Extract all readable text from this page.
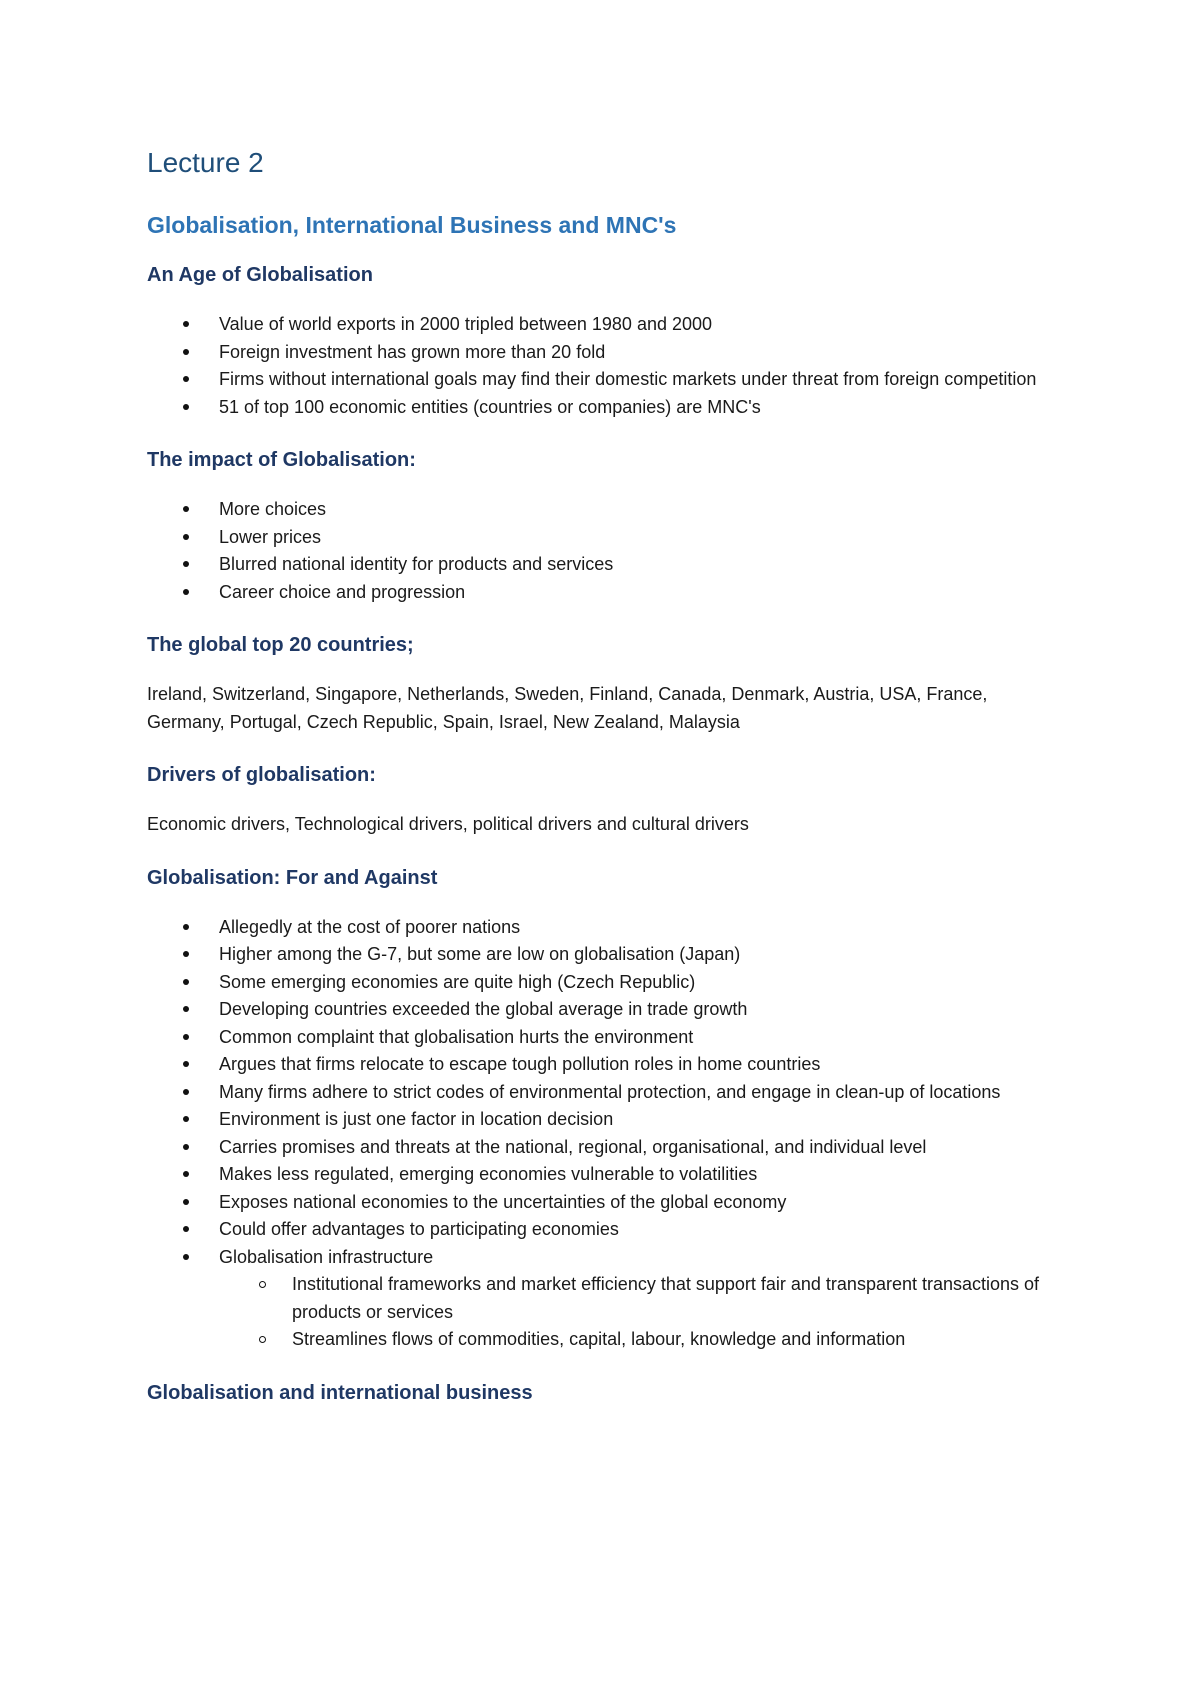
Lecture 2
Globalisation, International Business and MNC's
An Age of Globalisation
Value of world exports in 2000 tripled between 1980 and 2000
Foreign investment has grown more than 20 fold
Firms without international goals may find their domestic markets under threat from foreign competition
51 of top 100 economic entities (countries or companies) are MNC's
The impact of Globalisation:
More choices
Lower prices
Blurred national identity for products and services
Career choice and progression
The global top 20 countries;

Ireland, Switzerland, Singapore, Netherlands, Sweden, Finland, Canada, Denmark, Austria, USA, France, Germany, Portugal, Czech Republic, Spain, Israel, New Zealand, Malaysia

Drivers of globalisation:

Economic drivers, Technological drivers, political drivers and cultural drivers

Globalisation: For and Against
Allegedly at the cost of poorer nations
Higher among the G-7, but some are low on globalisation (Japan)
Some emerging economies are quite high (Czech Republic)
Developing countries exceeded the global average in trade growth
Common complaint that globalisation hurts the environment
Argues that firms relocate to escape tough pollution roles in home countries
Many firms adhere to strict codes of environmental protection, and engage in clean-up of locations
Environment is just one factor in location decision
Carries promises and threats at the national, regional, organisational, and individual level
Makes less regulated, emerging economies vulnerable to volatilities
Exposes national economies to the uncertainties of the global economy
Could offer advantages to participating economies
Globalisation infrastructure
Institutional frameworks and market efficiency that support fair and transparent transactions of products or services
Streamlines flows of commodities, capital, labour, knowledge and information
Globalisation and international business
